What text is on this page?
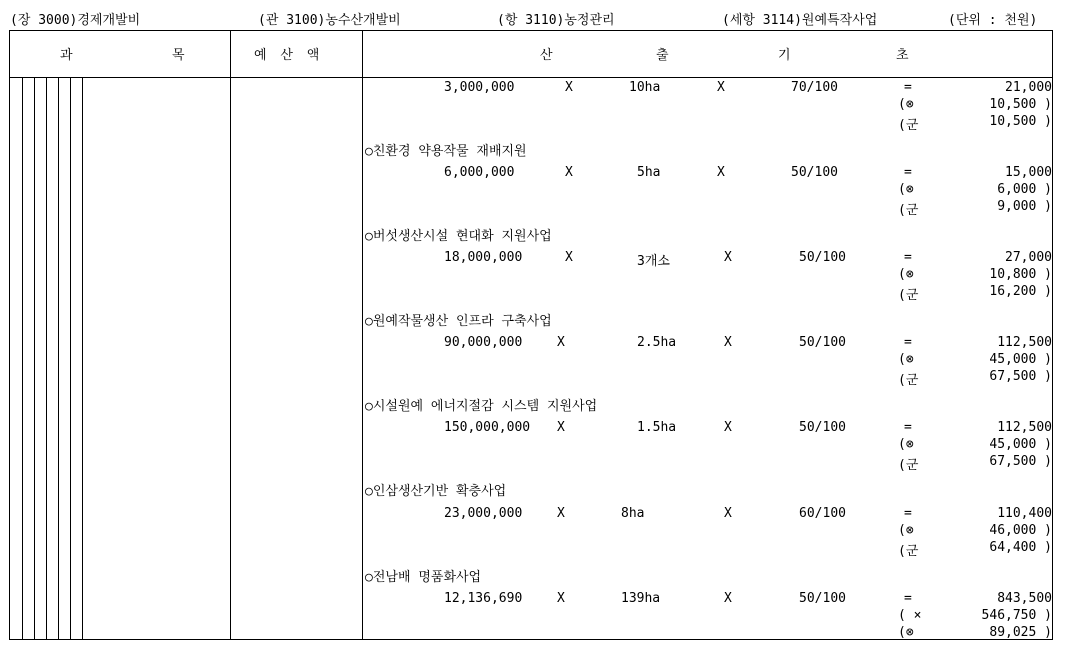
(장 3000)경제개발비	(관 3100)농수산개발비	(항 3110)농정관리	(세항 3114)원예특작사업	(단위 : 천원)
과	목	예 산 액	산	출	기	초
3,000,000	X	10ha	X	70/100	=	21,000
(⊗	10,500 )
(군	10,500 )
○친환경 약용작물 재배지원
6,000,000	X	5ha	X	50/100	=	15,000
(⊗	6,000 )
(군	9,000 )
○버섯생산시설 현대화 지원사업
18,000,000	X	3개소	X	50/100	=	27,000
(⊗	10,800 )
(군	16,200 )
○원예작물생산 인프라 구축사업
90,000,000	X	2.5ha	X	50/100	=	112,500
(⊗	45,000 )
(군	67,500 )
○시설원예 에너지절감 시스템 지원사업
150,000,000 X	1.5ha	X	50/100	=	112,500
(⊗	45,000 )
(군	67,500 )
○인삼생산기반 확충사업
23,000,000	X	8ha	X	60/100	=	110,400
(⊗	46,000 )
(군	64,400 )
○전남배 명품화사업
12,136,690	X	139ha	X	50/100	=	843,500
( ×	546,750 )
(⊗	89,025 )
